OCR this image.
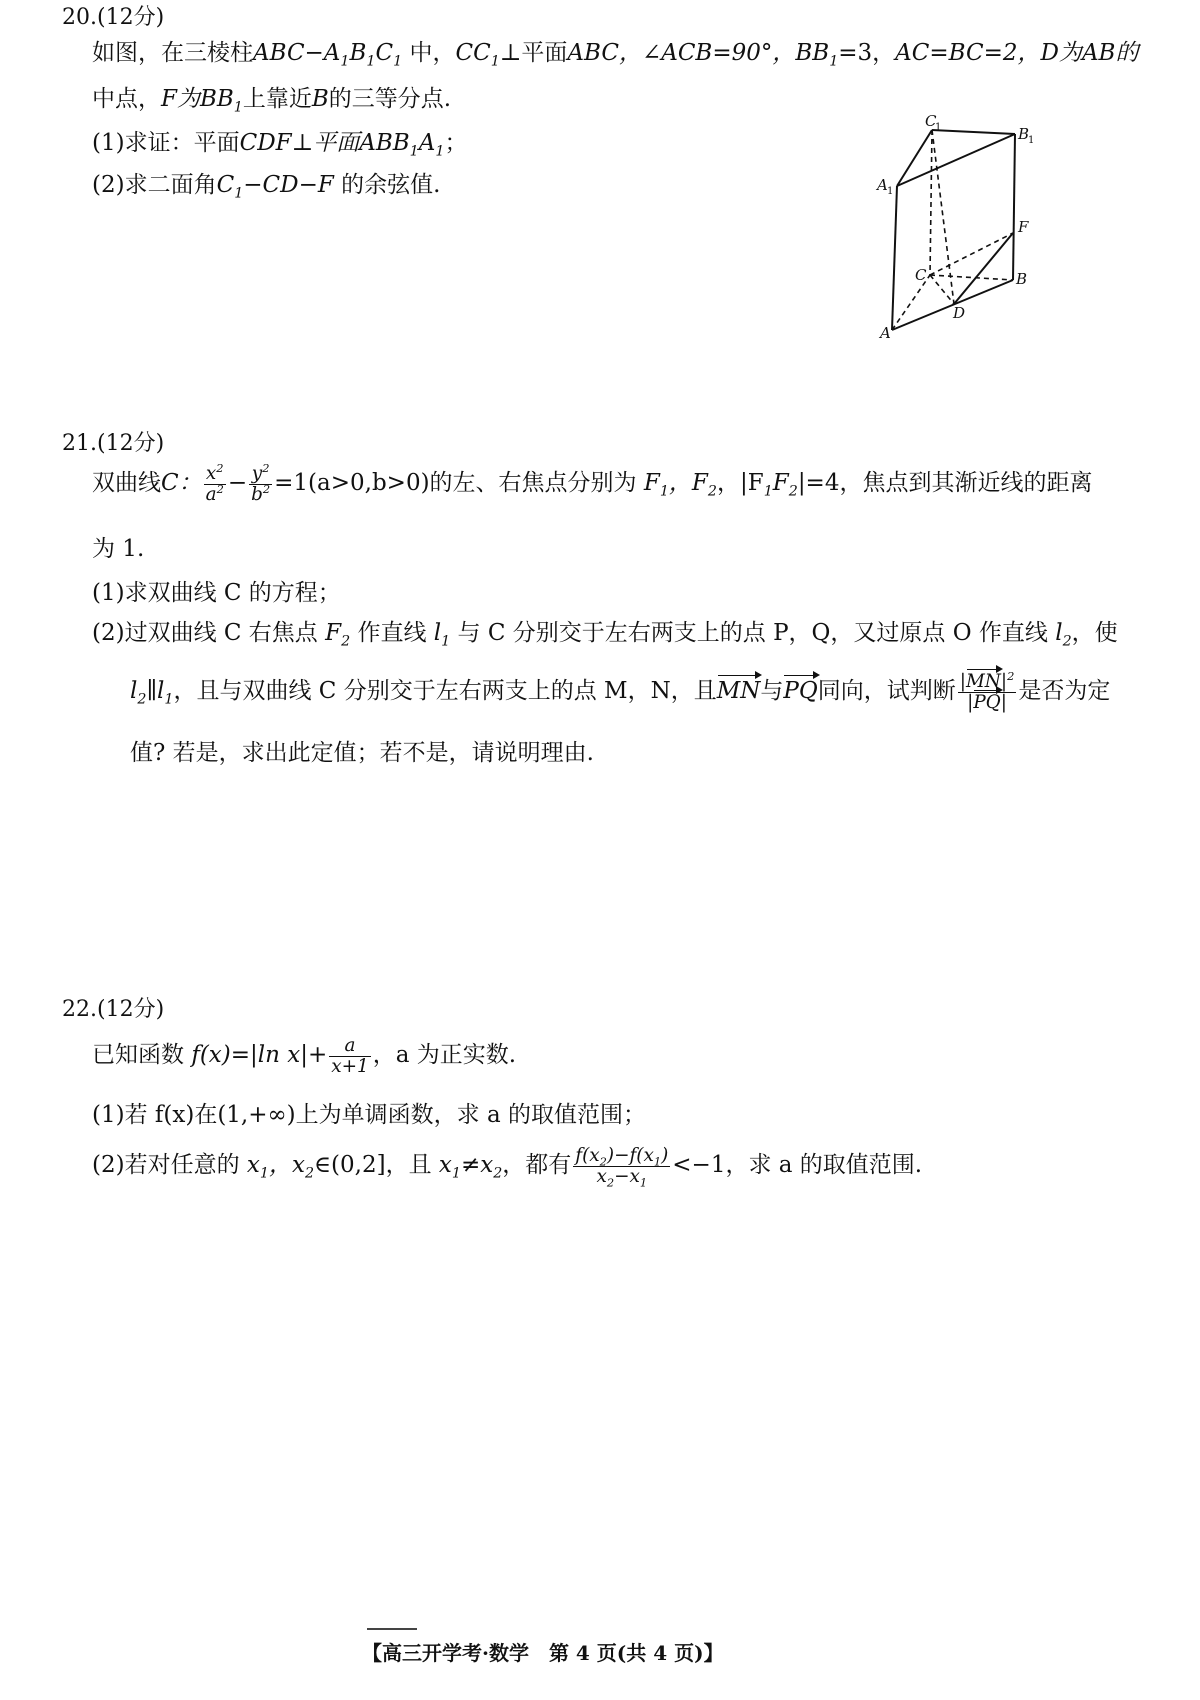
20.(12分)
如图，在三棱柱$ABC-A_1B_1C_1$ 中，$CC_1\perp$平面ABC，∠ACB=90°，$BB_1=3$，AC=BC=2，D为AB的
中点，F为$BB_1$上靠近B的三等分点.
(1)求证：平面CDF⊥平面$ABB_1A_1$；
(2)求二面角$C_1-CD-F$ 的余弦值.
C
1	B
1
A 1
F
C	B
D
A
21.(12分)
双曲线C： $\frac{x^2}{a^2} - \frac{y^2}{b^2} =1(a>0,b>0)$的左、右焦点分别为 $F_1$，$F_2$，$|F_1F_2|=4$，焦点到其渐近线的距离
为 1.
(1)求双曲线 C 的方程；
(2)过双曲线 C 右焦点 $F_2$ 作直线 $l_1$ 与 C 分别交于左右两支上的点 P，Q，又过原点 O 作直线 $l_2$，使
$l_2\parallel l_1$，且与双曲线 C 分别交于左右两支上的点 M，N，且MN与PQ同向，试判断 $\frac{|MN|^2}{|PQ|}$ 是否为定
值? 若是，求出此定值；若不是，请说明理由.
22.(12分)
已知函数 f(x)=|ln $x|+ \frac{a}{x+1}$ ，a 为正实数.
(1)若 f(x)在(1,+∞)上为单调函数，求 a 的取值范围；
(2)若对任意的 $x_1$，$x_2\in(0,2]$，且 $x_1\ne x_2$，都有 $\frac{f(x_2)-f(x_1)}{x_2-x_1} <-1$，求 a 的取值范围.
【高三开学考·数学　第 4 页(共 4 页)】
